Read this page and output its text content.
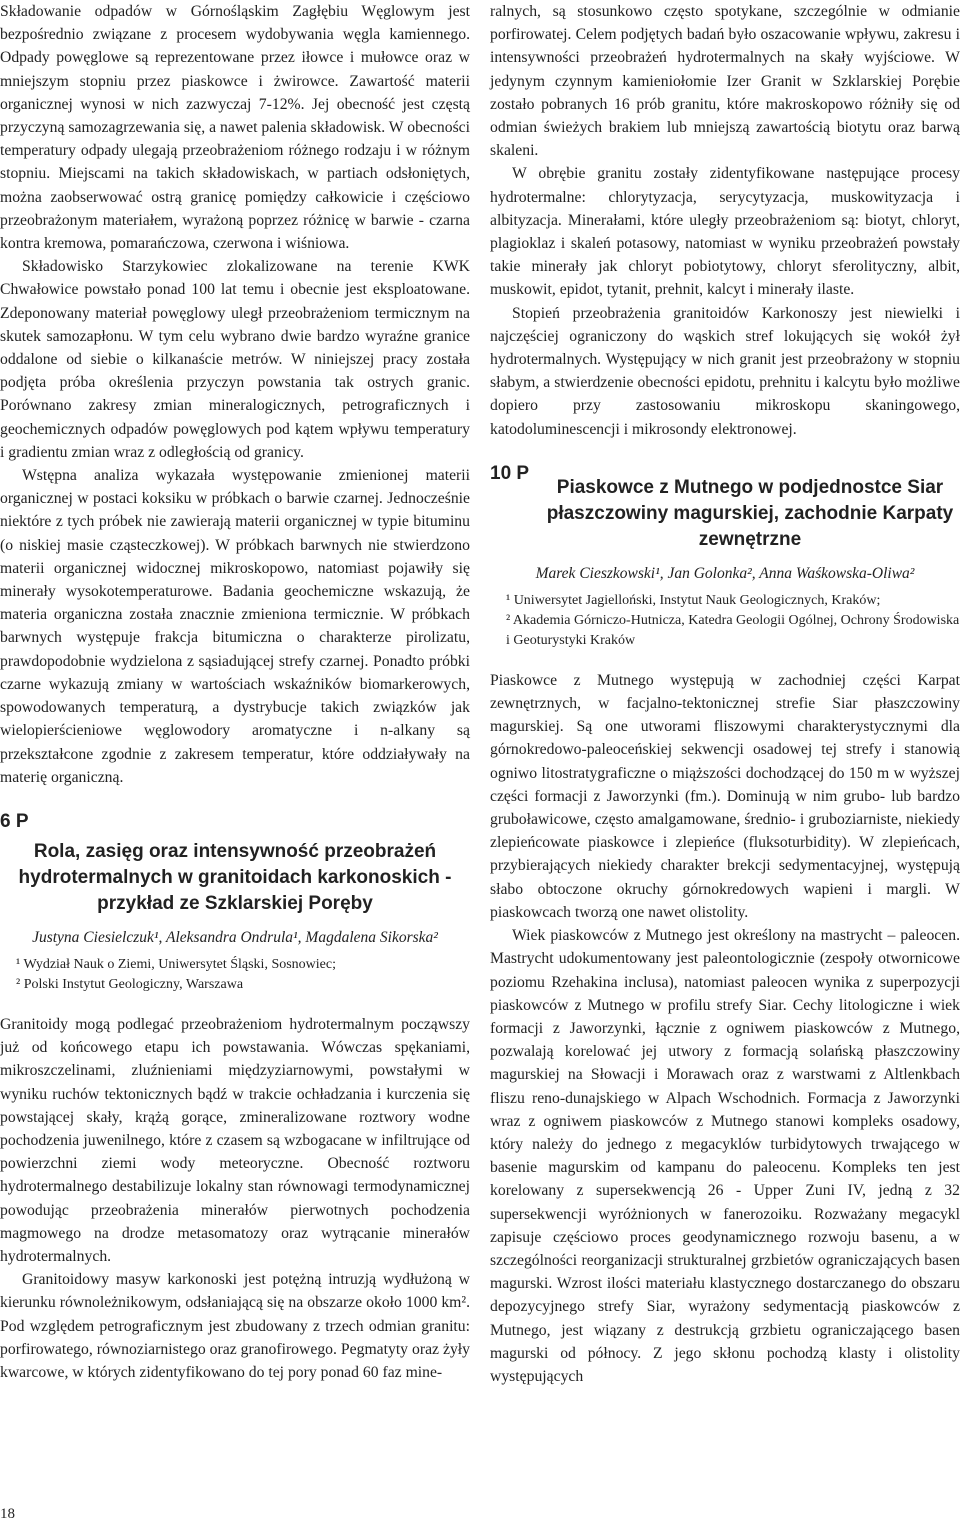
Składowanie odpadów w Górnośląskim Zagłębiu Węglowym jest bezpośrednio związane z procesem wydobywania węgla kamiennego. Odpady powęglowe są reprezentowane przez iłowce i mułowce oraz w mniejszym stopniu przez piaskowce i żwirowce. Zawartość materii organicznej wynosi w nich zazwyczaj 7-12%. Jej obecność jest częstą przyczyną samozagrzewania się, a nawet palenia składowisk. W obecności temperatury odpady ulegają przeobrażeniom różnego rodzaju i w różnym stopniu. Miejscami na takich składowiskach, w partiach odsłoniętych, można zaobserwować ostrą granicę pomiędzy całkowicie i częściowo przeobrażonym materiałem, wyrażoną poprzez różnicę w barwie - czarna kontra kremowa, pomarańczowa, czerwona i wiśniowa.

Składowisko Starzykowiec zlokalizowane na terenie KWK Chwałowice powstało ponad 100 lat temu i obecnie jest eksploatowane. Zdeponowany materiał powęglowy uległ przeobrażeniom termicznym na skutek samozapłonu. W tym celu wybrano dwie bardzo wyraźne granice oddalone od siebie o kilkanaście metrów. W niniejszej pracy została podjęta próba określenia przyczyn powstania tak ostrych granic. Porównano zakresy zmian mineralogicznych, petrograficznych i geochemicznych odpadów powęglowych pod kątem wpływu temperatury i gradientu zmian wraz z odległością od granicy.

Wstępna analiza wykazała występowanie zmienionej materii organicznej w postaci koksiku w próbkach o barwie czarnej. Jednocześnie niektóre z tych próbek nie zawierają materii organicznej w typie bituminu (o niskiej masie cząsteczkowej). W próbkach barwnych nie stwierdzono materii organicznej widocznej mikroskopowo, natomiast pojawiły się minerały wysokotemperaturowe. Badania geochemiczne wskazują, że materia organiczna została znacznie zmieniona termicznie. W próbkach barwnych występuje frakcja bitumiczna o charakterze pirolizatu, prawdopodobnie wydzielona z sąsiadującej strefy czarnej. Ponadto próbki czarne wykazują zmiany w wartościach wskaźników biomarkerowych, spowodowanych temperaturą, a dystrybucje takich związków jak wielopierścieniowe węglowodory aromatyczne i n-alkany są przekształcone zgodnie z zakresem temperatur, które oddziaływały na materię organiczną.

6 P
Rola, zasięg oraz intensywność przeobrażeń hydrotermalnych w granitoidach karkonoskich - przykład ze Szklarskiej Poręby
Justyna Ciesielczuk¹, Aleksandra Ondrula¹, Magdalena Sikorska²

¹ Wydział Nauk o Ziemi, Uniwersytet Śląski, Sosnowiec;

² Polski Instytut Geologiczny, Warszawa

Granitoidy mogą podlegać przeobrażeniom hydrotermalnym począwszy już od końcowego etapu ich powstawania. Wówczas spękaniami, mikroszczelinami, zluźnieniami międzyziarnowymi, powstałymi w wyniku ruchów tektonicznych bądź w trakcie ochładzania i kurczenia się powstającej skały, krążą gorące, zmineralizowane roztwory wodne pochodzenia juwenilnego, które z czasem są wzbogacane w infiltrujące od powierzchni ziemi wody meteoryczne. Obecność roztworu hydrotermalnego destabilizuje lokalny stan równowagi termodynamicznej powodując przeobrażenia minerałów pierwotnych pochodzenia magmowego na drodze metasomatozy oraz wytrącanie minerałów hydrotermalnych.

Granitoidowy masyw karkonoski jest potężną intruzją wydłużoną w kierunku równoleżnikowym, odsłaniającą się na obszarze około 1000 km². Pod względem petrograficznym jest zbudowany z trzech odmian granitu: porfirowatego, równoziarnistego oraz granofirowego. Pegmatyty oraz żyły kwarcowe, w których zidentyfikowano do tej pory ponad 60 faz mine-

ralnych, są stosunkowo często spotykane, szczególnie w odmianie porfirowatej. Celem podjętych badań było oszacowanie wpływu, zakresu i intensywności przeobrażeń hydrotermalnych na skały wyjściowe. W jedynym czynnym kamieniołomie Izer Granit w Szklarskiej Porębie zostało pobranych 16 prób granitu, które makroskopowo różniły się od odmian świeżych brakiem lub mniejszą zawartością biotytu oraz barwą skaleni.

W obrębie granitu zostały zidentyfikowane następujące procesy hydrotermalne: chlorytyzacja, serycytyzacja, muskowityzacja i albityzacja. Minerałami, które uległy przeobrażeniom są: biotyt, chloryt, plagioklaz i skaleń potasowy, natomiast w wyniku przeobrażeń powstały takie minerały jak chloryt pobiotytowy, chloryt sferolityczny, albit, muskowit, epidot, tytanit, prehnit, kalcyt i minerały ilaste.

Stopień przeobrażenia granitoidów Karkonoszy jest niewielki i najczęściej ograniczony do wąskich stref lokujących się wokół żył hydrotermalnych. Występujący w nich granit jest przeobrażony w stopniu słabym, a stwierdzenie obecności epidotu, prehnitu i kalcytu było możliwe dopiero przy zastosowaniu mikroskopu skaningowego, katodoluminescencji i mikrosondy elektronowej.

10 P
Piaskowce z Mutnego w podjednostce Siar płaszczowiny magurskiej, zachodnie Karpaty zewnętrzne
Marek Cieszkowski¹, Jan Golonka², Anna Waśkowska-Oliwa²

¹ Uniwersytet Jagielloński, Instytut Nauk Geologicznych, Kraków;

² Akademia Górniczo-Hutnicza, Katedra Geologii Ogólnej, Ochrony Środowiska i Geoturystyki Kraków

Piaskowce z Mutnego występują w zachodniej części Karpat zewnętrznych, w facjalno-tektonicznej strefie Siar płaszczowiny magurskiej. Są one utworami fliszowymi charakterystycznymi dla górnokredowo-paleoceńskiej sekwencji osadowej tej strefy i stanowią ogniwo litostratygraficzne o miąższości dochodzącej do 150 m w wyższej części formacji z Jaworzynki (fm.). Dominują w nim grubo- lub bardzo gruboławicowe, często amalgamowane, średnio- i gruboziarniste, niekiedy zlepieńcowate piaskowce i zlepieńce (fluksoturbidity). W zlepieńcach, przybierających niekiedy charakter brekcji sedymentacyjnej, występują słabo obtoczone okruchy górnokredowych wapieni i margli. W piaskowcach tworzą one nawet olistolity.

Wiek piaskowców z Mutnego jest określony na mastrycht – paleocen. Mastrycht udokumentowany jest paleontologicznie (zespoły otwornicowe poziomu Rzehakina inclusa), natomiast paleocen wynika z superpozycji piaskowców z Mutnego w profilu strefy Siar. Cechy litologiczne i wiek formacji z Jaworzynki, łącznie z ogniwem piaskowców z Mutnego, pozwalają korelować jej utwory z formacją solańską płaszczowiny magurskiej na Słowacji i Morawach oraz z warstwami z Altlenkbach fliszu reno-dunajskiego w Alpach Wschodnich. Formacja z Jaworzynki wraz z ogniwem piaskowców z Mutnego stanowi kompleks osadowy, który należy do jednego z megacyklów turbidytowych trwającego w basenie magurskim od kampanu do paleocenu. Kompleks ten jest korelowany z supersekwencją 26 - Upper Zuni IV, jedną z 32 supersekwencji wyróżnionych w fanerozoiku. Rozważany megacykl zapisuje częściowo proces geodynamicznego rozwoju basenu, a w szczególności reorganizacji strukturalnej grzbietów ograniczających basen magurski. Wzrost ilości materiału klastycznego dostarczanego do obszaru depozycyjnego strefy Siar, wyrażony sedymentacją piaskowców z Mutnego, jest wiązany z destrukcją grzbietu ograniczającego basen magurski od północy. Z jego skłonu pochodzą klasty i olistolity występujących

18
